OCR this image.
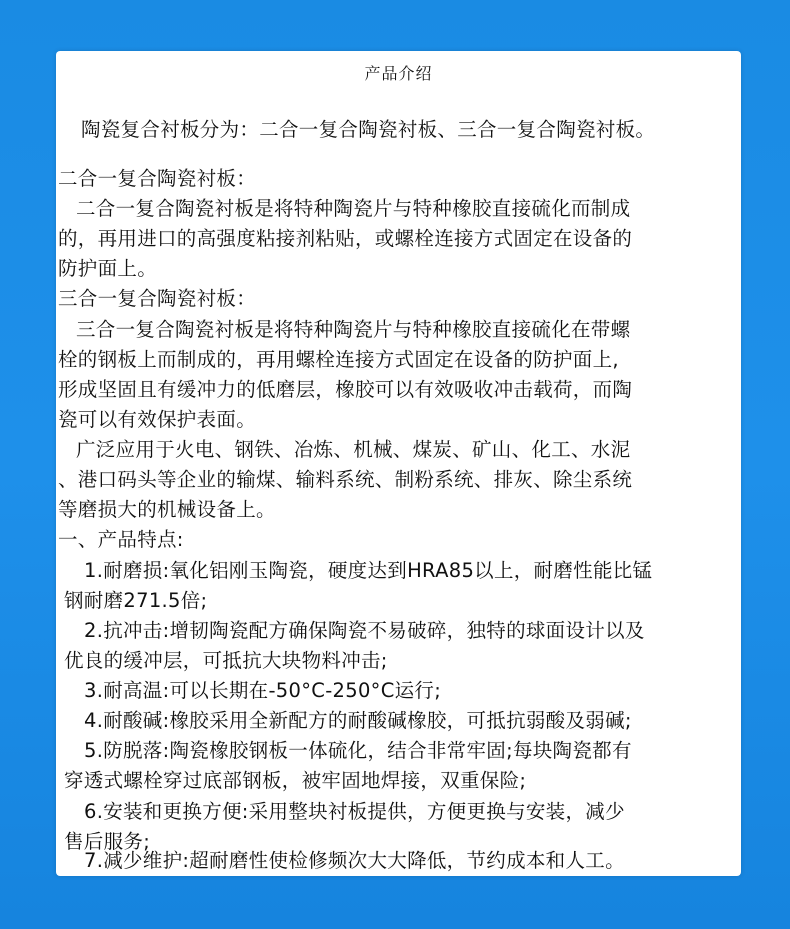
产品介绍
陶瓷复合衬板分为：二合一复合陶瓷衬板、三合一复合陶瓷衬板。
二合一复合陶瓷衬板：
二合一复合陶瓷衬板是将特种陶瓷片与特种橡胶直接硫化而制成
的，再用进口的高强度粘接剂粘贴，或螺栓连接方式固定在设备的
防护面上。
三合一复合陶瓷衬板：
三合一复合陶瓷衬板是将特种陶瓷片与特种橡胶直接硫化在带螺
栓的钢板上而制成的，再用螺栓连接方式固定在设备的防护面上,
形成坚固且有缓冲力的低磨层，橡胶可以有效吸收冲击载荷，而陶
瓷可以有效保护表面。
广泛应用于火电、钢铁、冶炼、机械、煤炭、矿山、化工、水泥
、港口码头等企业的输煤、输料系统、制粉系统、排灰、除尘系统
等磨损大的机械设备上。
一、产品特点:
1.耐磨损:氧化铝刚玉陶瓷，硬度达到HRA85以上，耐磨性能比锰
钢耐磨271.5倍;
2.抗冲击:增韧陶瓷配方确保陶瓷不易破碎，独特的球面设计以及
优良的缓冲层，可抵抗大块物料冲击;
3.耐高温:可以长期在-50°C-250°C运行;
4.耐酸碱:橡胶采用全新配方的耐酸碱橡胶，可抵抗弱酸及弱碱;
5.防脱落:陶瓷橡胶钢板一体硫化，结合非常牢固;每块陶瓷都有
穿透式螺栓穿过底部钢板，被牢固地焊接，双重保险;
6.安装和更换方便:采用整块衬板提供，方便更换与安装，减少
售后服务;
7.减少维护:超耐磨性使检修频次大大降低，节约成本和人工。
